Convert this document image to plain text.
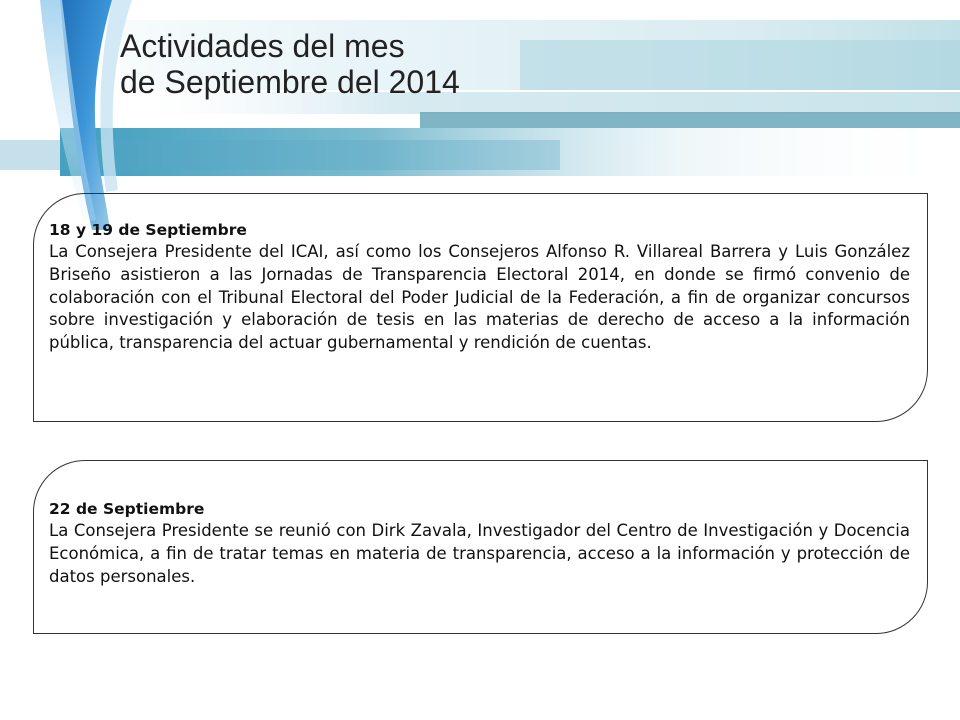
Actividades del mes
de Septiembre del 2014

18 y 19 de Septiembre

La Consejera Presidente del ICAI, así como los Consejeros Alfonso R. Villareal Barrera y Luis González Briseño asistieron a las Jornadas de Transparencia Electoral 2014, en donde se firmó convenio de colaboración con el Tribunal Electoral del Poder Judicial de la Federación, a fin de organizar concursos sobre investigación y elaboración de tesis en las materias de derecho de acceso a la información pública, transparencia del actuar gubernamental y rendición de cuentas.

22 de Septiembre

La Consejera Presidente se reunió con Dirk Zavala, Investigador del Centro de Investigación y Docencia Económica, a fin de tratar temas en materia de transparencia, acceso a la información y protección de datos personales.
